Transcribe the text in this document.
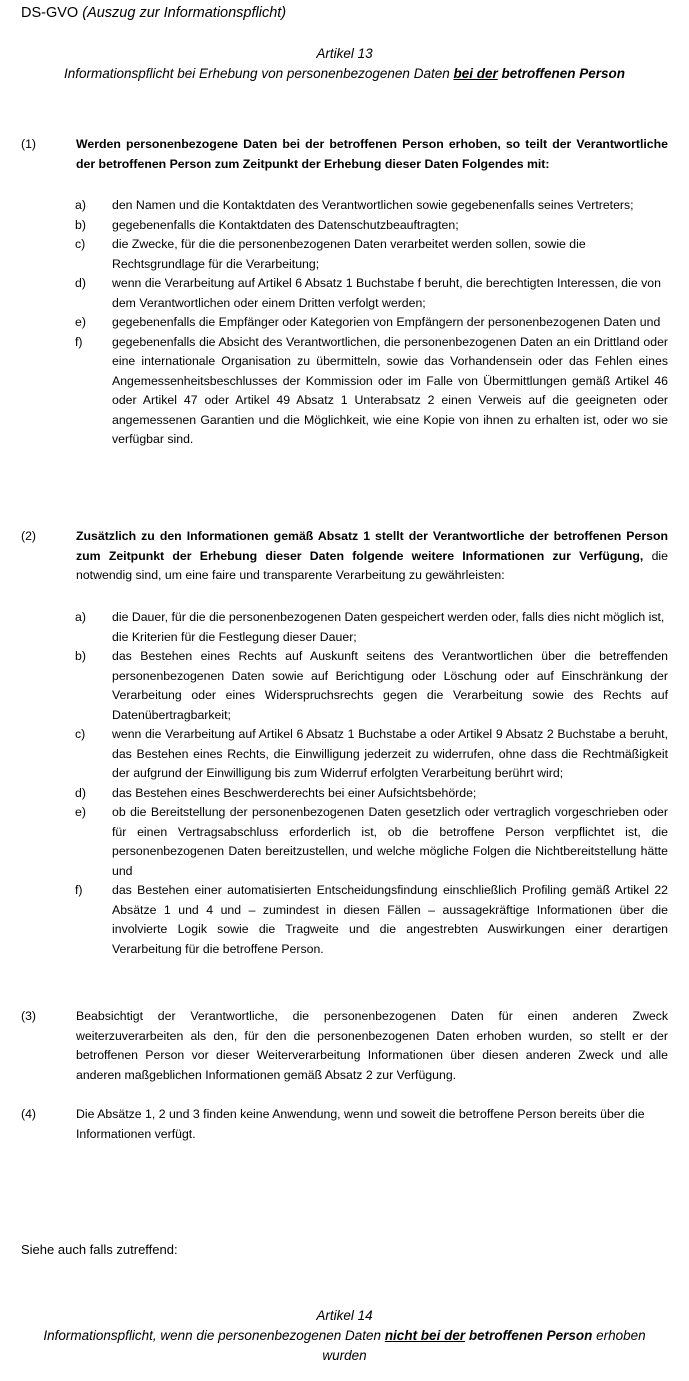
DS-GVO (Auszug zur Informationspflicht)
Artikel 13
Informationspflicht bei Erhebung von personenbezogenen Daten bei der betroffenen Person
(1)	Werden personenbezogene Daten bei der betroffenen Person erhoben, so teilt der Verantwortliche der betroffenen Person zum Zeitpunkt der Erhebung dieser Daten Folgendes mit:
a)	den Namen und die Kontaktdaten des Verantwortlichen sowie gegebenenfalls seines Vertreters;
b)	gegebenenfalls die Kontaktdaten des Datenschutzbeauftragten;
c)	die Zwecke, für die die personenbezogenen Daten verarbeitet werden sollen, sowie die Rechtsgrundlage für die Verarbeitung;
d)	wenn die Verarbeitung auf Artikel 6 Absatz 1 Buchstabe f beruht, die berechtigten Interessen, die von dem Verantwortlichen oder einem Dritten verfolgt werden;
e)	gegebenenfalls die Empfänger oder Kategorien von Empfängern der personenbezogenen Daten und
f)	gegebenenfalls die Absicht des Verantwortlichen, die personenbezogenen Daten an ein Drittland oder eine internationale Organisation zu übermitteln, sowie das Vorhandensein oder das Fehlen eines Angemessenheitsbeschlusses der Kommission oder im Falle von Übermittlungen gemäß Artikel 46 oder Artikel 47 oder Artikel 49 Absatz 1 Unterabsatz 2 einen Verweis auf die geeigneten oder angemessenen Garantien und die Möglichkeit, wie eine Kopie von ihnen zu erhalten ist, oder wo sie verfügbar sind.
(2)	Zusätzlich zu den Informationen gemäß Absatz 1 stellt der Verantwortliche der betroffenen Person zum Zeitpunkt der Erhebung dieser Daten folgende weitere Informationen zur Verfügung, die notwendig sind, um eine faire und transparente Verarbeitung zu gewährleisten:
a)	die Dauer, für die die personenbezogenen Daten gespeichert werden oder, falls dies nicht möglich ist, die Kriterien für die Festlegung dieser Dauer;
b)	das Bestehen eines Rechts auf Auskunft seitens des Verantwortlichen über die betreffenden personenbezogenen Daten sowie auf Berichtigung oder Löschung oder auf Einschränkung der Verarbeitung oder eines Widerspruchsrechts gegen die Verarbeitung sowie des Rechts auf Datenübertragbarkeit;
c)	wenn die Verarbeitung auf Artikel 6 Absatz 1 Buchstabe a oder Artikel 9 Absatz 2 Buchstabe a beruht, das Bestehen eines Rechts, die Einwilligung jederzeit zu widerrufen, ohne dass die Rechtmäßigkeit der aufgrund der Einwilligung bis zum Widerruf erfolgten Verarbeitung berührt wird;
d)	das Bestehen eines Beschwerderechts bei einer Aufsichtsbehörde;
e)	ob die Bereitstellung der personenbezogenen Daten gesetzlich oder vertraglich vorgeschrieben oder für einen Vertragsabschluss erforderlich ist, ob die betroffene Person verpflichtet ist, die personenbezogenen Daten bereitzustellen, und welche mögliche Folgen die Nichtbereitstellung hätte und
f)	das Bestehen einer automatisierten Entscheidungsfindung einschließlich Profiling gemäß Artikel 22 Absätze 1 und 4 und – zumindest in diesen Fällen – aussagekräftige Informationen über die involvierte Logik sowie die Tragweite und die angestrebten Auswirkungen einer derartigen Verarbeitung für die betroffene Person.
(3)	Beabsichtigt der Verantwortliche, die personenbezogenen Daten für einen anderen Zweck weiterzuverarbeiten als den, für den die personenbezogenen Daten erhoben wurden, so stellt er der betroffenen Person vor dieser Weiterverarbeitung Informationen über diesen anderen Zweck und alle anderen maßgeblichen Informationen gemäß Absatz 2 zur Verfügung.
(4)	Die Absätze 1, 2 und 3 finden keine Anwendung, wenn und soweit die betroffene Person bereits über die Informationen verfügt.
Siehe auch falls zutreffend:
Artikel 14
Informationspflicht, wenn die personenbezogenen Daten nicht bei der betroffenen Person erhoben wurden
